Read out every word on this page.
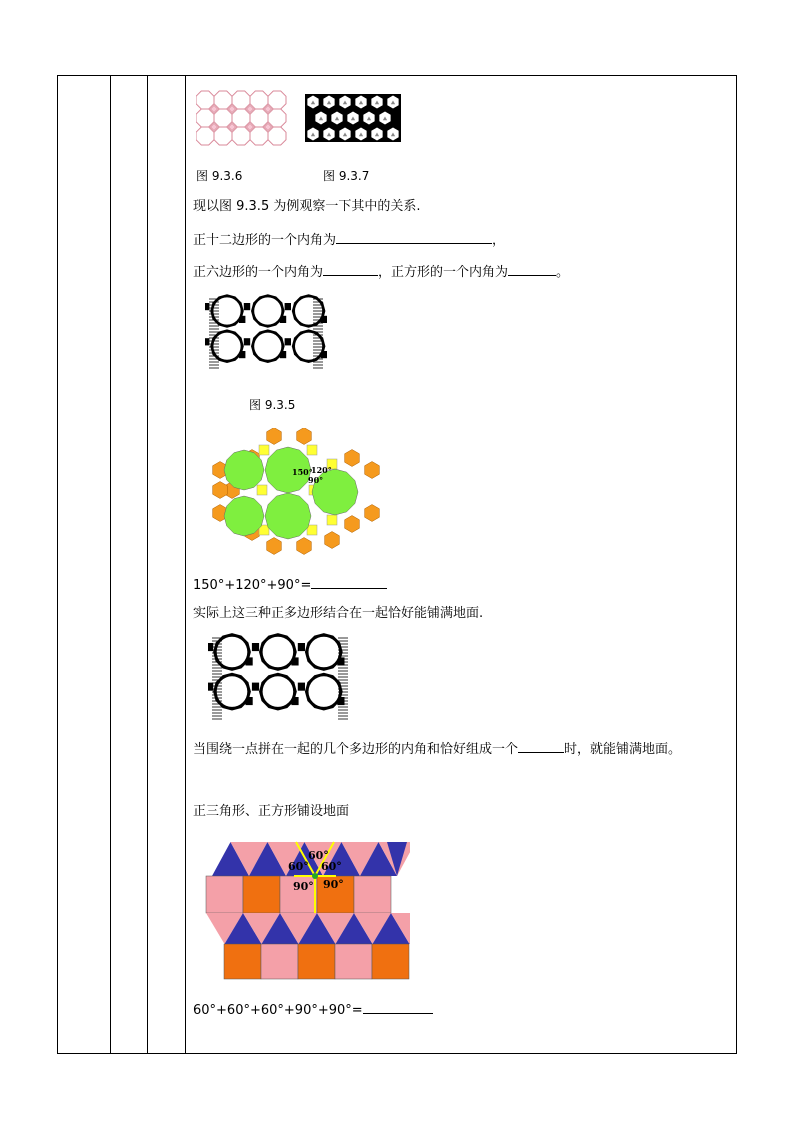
图 9.3.6	图 9.3.7
现以图 9.3.5 为例观察一下其中的关系.
正十二边形的一个内角为	，
正六边形的一个内角为	，正方形的一个内角为	。
图 9.3.5
150°
120°
90°
150°+120°+90°=
实际上这三种正多边形结合在一起恰好能铺满地面.
当围绕一点拼在一起的几个多边形的内角和恰好组成一个	时，就能铺满地面。
正三角形、正方形铺设地面
60°
60°
60°
90° 90°
60°+60°+60°+90°+90°=
